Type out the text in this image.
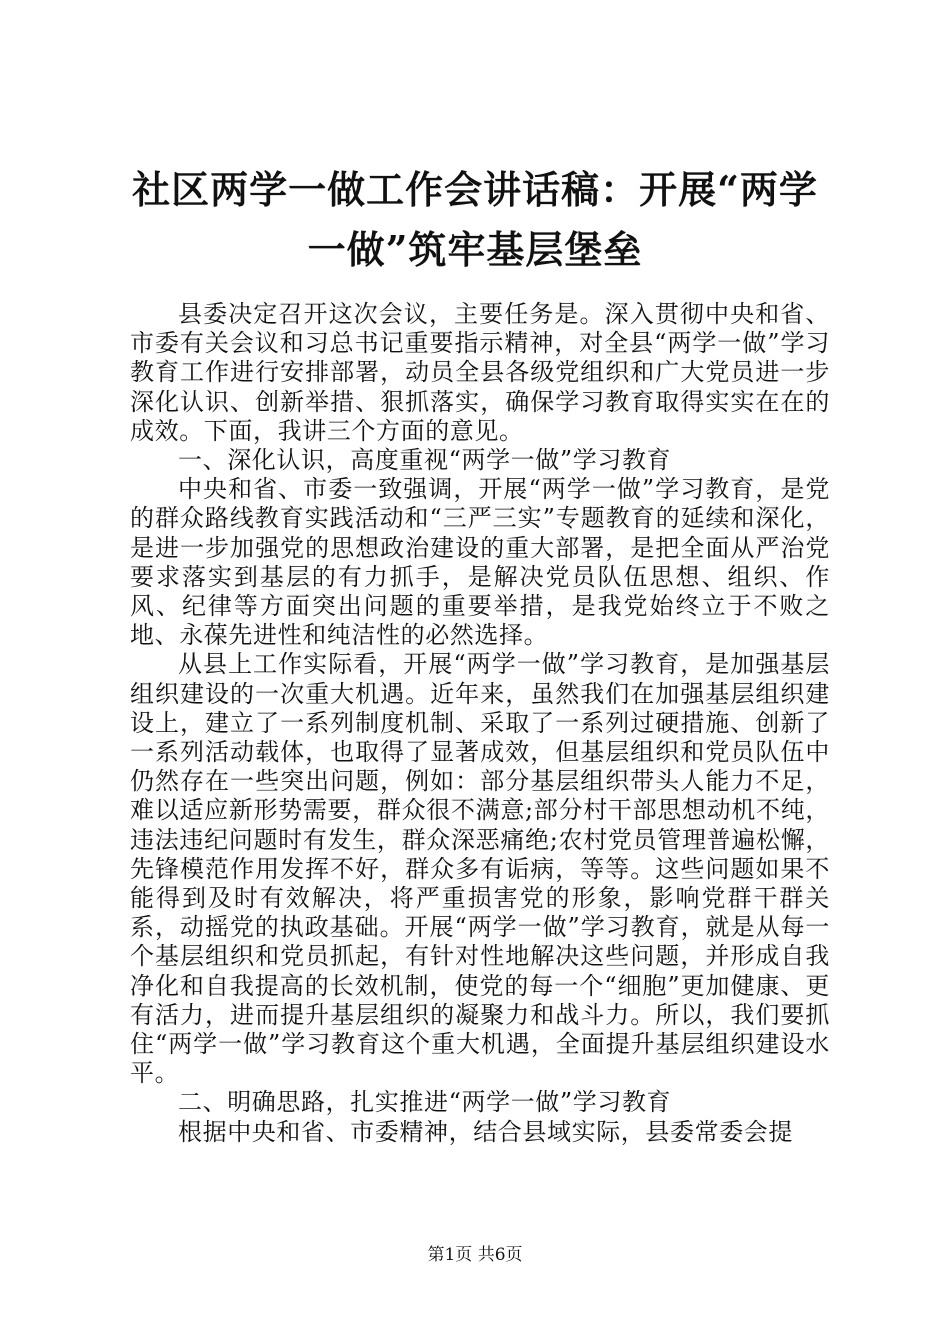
社区两学一做工作会讲话稿：开展“两学一做”筑牢基层堡垒

县委决定召开这次会议，主要任务是。深入贯彻中央和省、市委有关会议和习总书记重要指示精神，对全县“两学一做”学习教育工作进行安排部署，动员全县各级党组织和广大党员进一步深化认识、创新举措、狠抓落实，确保学习教育取得实实在在的成效。下面，我讲三个方面的意见。

一、深化认识，高度重视“两学一做”学习教育

中央和省、市委一致强调，开展“两学一做”学习教育，是党的群众路线教育实践活动和“三严三实”专题教育的延续和深化，是进一步加强党的思想政治建设的重大部署，是把全面从严治党要求落实到基层的有力抓手，是解决党员队伍思想、组织、作风、纪律等方面突出问题的重要举措，是我党始终立于不败之地、永葆先进性和纯洁性的必然选择。

从县上工作实际看，开展“两学一做”学习教育，是加强基层组织建设的一次重大机遇。近年来，虽然我们在加强基层组织建设上，建立了一系列制度机制、采取了一系列过硬措施、创新了一系列活动载体，也取得了显著成效，但基层组织和党员队伍中仍然存在一些突出问题，例如：部分基层组织带头人能力不足，难以适应新形势需要，群众很不满意;部分村干部思想动机不纯，违法违纪问题时有发生，群众深恶痛绝;农村党员管理普遍松懈，先锋模范作用发挥不好，群众多有诟病，等等。这些问题如果不能得到及时有效解决，将严重损害党的形象，影响党群干群关系，动摇党的执政基础。开展“两学一做”学习教育，就是从每一个基层组织和党员抓起，有针对性地解决这些问题，并形成自我净化和自我提高的长效机制，使党的每一个“细胞”更加健康、更有活力，进而提升基层组织的凝聚力和战斗力。所以，我们要抓住“两学一做”学习教育这个重大机遇，全面提升基层组织建设水平。

二、明确思路，扎实推进“两学一做”学习教育

根据中央和省、市委精神，结合县域实际，县委常委会提

第1页 共6页
